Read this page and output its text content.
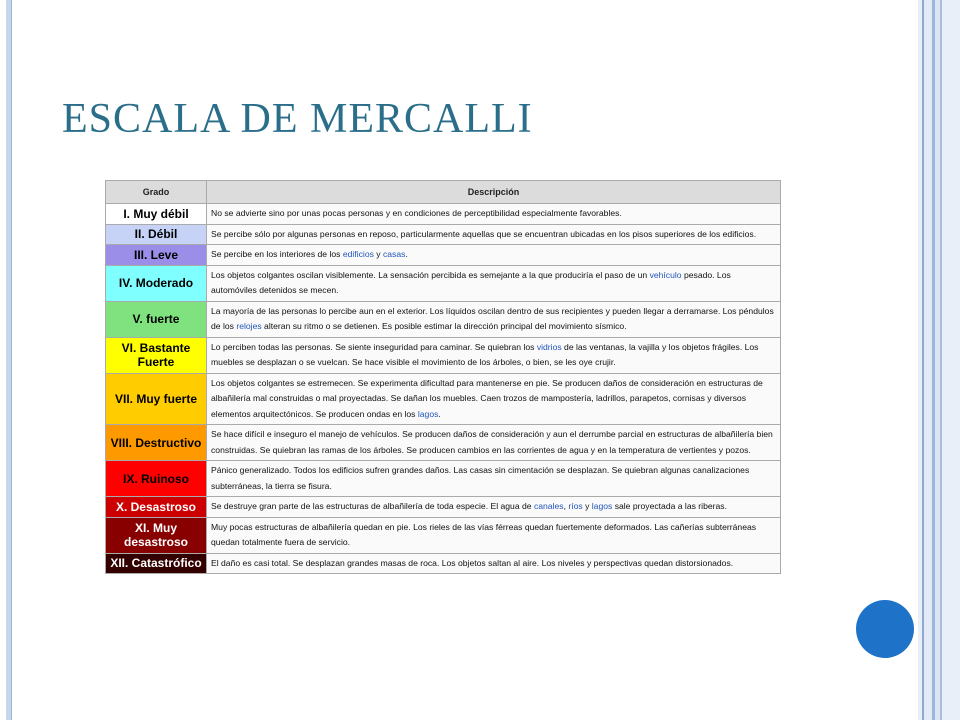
ESCALA DE MERCALLI
Grado	Descripción
I. Muy débil	No se advierte sino por unas pocas personas y en condiciones de perceptibilidad especialmente favorables.
II. Débil	Se percibe sólo por algunas personas en reposo, particularmente aquellas que se encuentran ubicadas en los pisos superiores de los edificios.
III. Leve	Se percibe en los interiores de los edificios y casas.
IV. Moderado	Los objetos colgantes oscilan visiblemente. La sensación percibida es semejante a la que produciría el paso de un vehículo pesado. Los automóviles detenidos se mecen.
V. fuerte	La mayoría de las personas lo percibe aun en el exterior. Los líquidos oscilan dentro de sus recipientes y pueden llegar a derramarse. Los péndulos de los relojes alteran su ritmo o se detienen. Es posible estimar la dirección principal del movimiento sísmico.
VI. Bastante Fuerte	Lo perciben todas las personas. Se siente inseguridad para caminar. Se quiebran los vidrios de las ventanas, la vajilla y los objetos frágiles. Los muebles se desplazan o se vuelcan. Se hace visible el movimiento de los árboles, o bien, se les oye crujir.
VII. Muy fuerte	Los objetos colgantes se estremecen. Se experimenta dificultad para mantenerse en pie. Se producen daños de consideración en estructuras de albañilería mal construidas o mal proyectadas. Se dañan los muebles. Caen trozos de mampostería, ladrillos, parapetos, cornisas y diversos elementos arquitectónicos. Se producen ondas en los lagos.
VIII. Destructivo	Se hace difícil e inseguro el manejo de vehículos. Se producen daños de consideración y aun el derrumbe parcial en estructuras de albañilería bien construidas. Se quiebran las ramas de los árboles. Se producen cambios en las corrientes de agua y en la temperatura de vertientes y pozos.
IX. Ruinoso	Pánico generalizado. Todos los edificios sufren grandes daños. Las casas sin cimentación se desplazan. Se quiebran algunas canalizaciones subterráneas, la tierra se fisura.
X. Desastroso	Se destruye gran parte de las estructuras de albañilería de toda especie. El agua de canales, ríos y lagos sale proyectada a las riberas.
XI. Muy desastroso	Muy pocas estructuras de albañilería quedan en pie. Los rieles de las vías férreas quedan fuertemente deformados. Las cañerías subterráneas quedan totalmente fuera de servicio.
XII. Catastrófico	El daño es casi total. Se desplazan grandes masas de roca. Los objetos saltan al aire. Los niveles y perspectivas quedan distorsionados.
